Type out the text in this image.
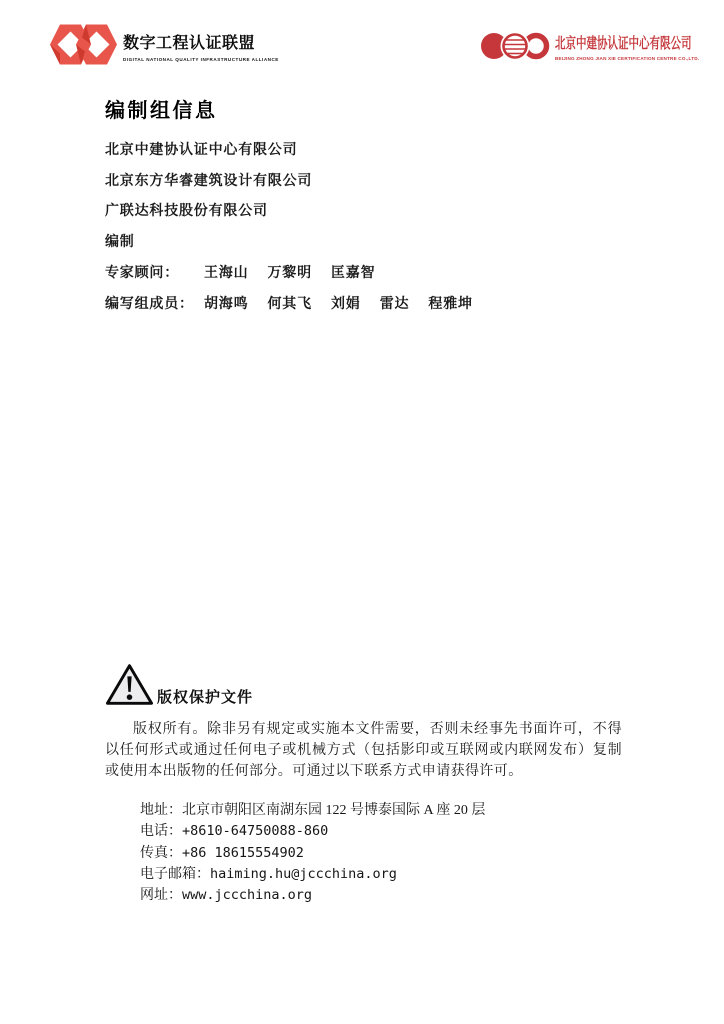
数字工程认证联盟
DIGITAL NATIONAL QUALITY INFRASTRUCTURE ALLIANCE
北京中建协认证中心有限公司
BEIJING ZHONG JIAN XIE CERTIFICATION CENTRE CO.,LTD.
编制组信息
北京中建协认证中心有限公司
北京东方华睿建筑设计有限公司
广联达科技股份有限公司
编制
专家顾问： 王海山　 万黎明　 匡嘉智
编写组成员： 胡海鸣　 何其飞　 刘娟　 雷达　 程雅坤
版权保护文件

版权所有。除非另有规定或实施本文件需要，否则未经事先书面许可，不得以任何形式或通过任何电子或机械方式（包括影印或互联网或内联网发布）复制或使用本出版物的任何部分。可通过以下联系方式申请获得许可。

地址：北京市朝阳区南湖东园 122 号博泰国际 A 座 20 层
电话：+8610-64750088-860
传真：+86 18615554902
电子邮箱：haiming.hu@jccchina.org
网址：www.jccchina.org
